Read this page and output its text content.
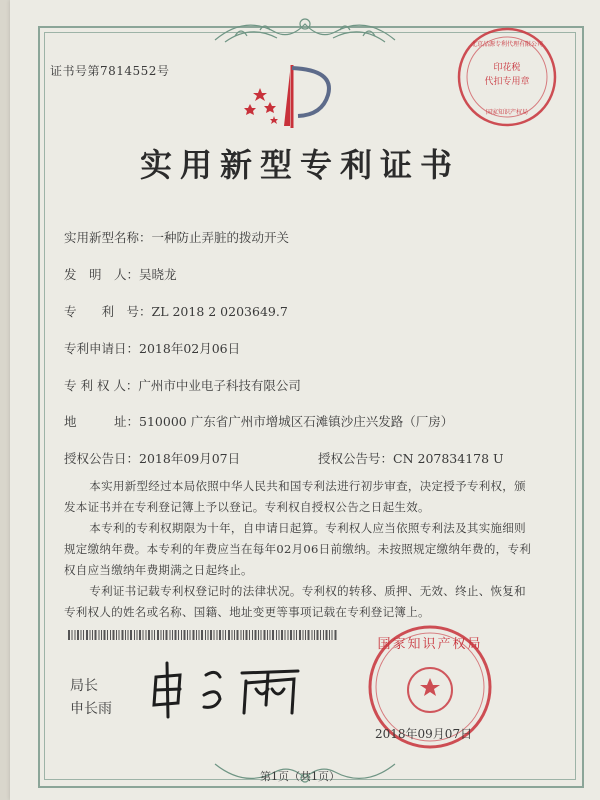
证书号第7814552号	印花税
代扣专用章
北京品源专利代理有限公司
国家知识产权局
实用新型专利证书
实用新型名称：一种防止弄脏的拨动开关
发　明　人：吴晓龙
专　　利　号：ZL 2018 2 0203649.7
专利申请日：2018年02月06日
专 利 权 人：广州市中业电子科技有限公司
地　　　址：510000 广东省广州市增城区石滩镇沙庄兴发路（厂房）
授权公告日：2018年09月07日	授权公告号：CN 207834178 U

本实用新型经过本局依照中华人民共和国专利法进行初步审查，决定授予专利权，颁发本证书并在专利登记簿上予以登记。专利权自授权公告之日起生效。

本专利的专利权期限为十年，自申请日起算。专利权人应当依照专利法及其实施细则规定缴纳年费。本专利的年费应当在每年02月06日前缴纳。未按照规定缴纳年费的，专利权自应当缴纳年费期满之日起终止。

专利证书记载专利权登记时的法律状况。专利权的转移、质押、无效、终止、恢复和专利权人的姓名或名称、国籍、地址变更等事项记载在专利登记簿上。

局长
申长雨
国家知识产权局
2018年09月07日
第1页（共1页）
